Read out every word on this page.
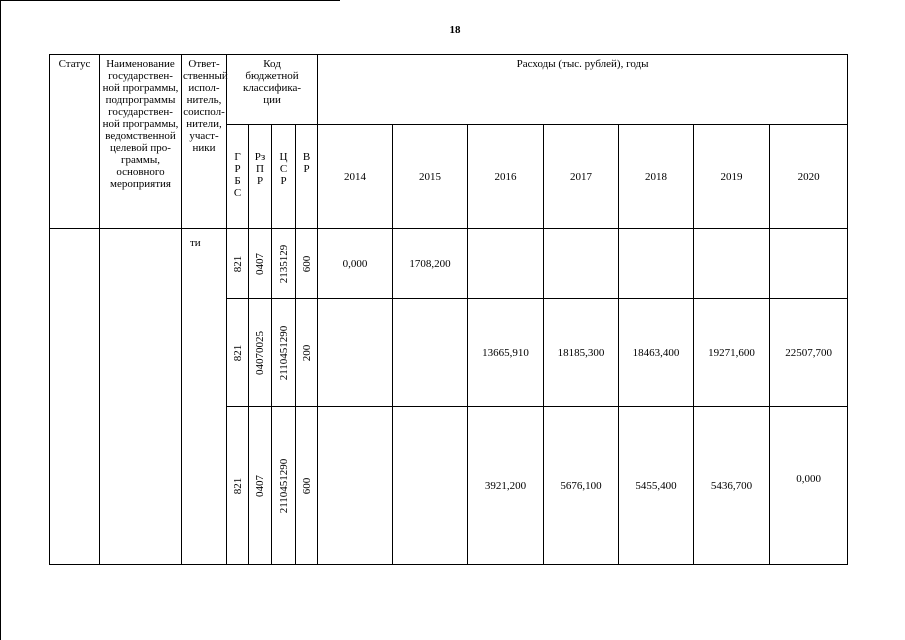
18
Статус	Наименование государствен-ной программы, подпрограммы государствен-ной программы, ведомственной целевой про-граммы, основного мероприятия	Ответ-ственный испол-нитель, соиспол-нители, участ-ники	Код бюджетной классифика-ции				Расходы (тыс. рублей), годы						

			ГРБС	Рз ПР	ЦСР	ВР	2014	2015	2016	2017	2018	2019	2020
		ти	821	0407	2135129	600	0,000	1708,200					

			821	04070025	2110451290	200			13665,910	18185,300	18463,400	19271,600	22507,700

			821	0407	2110451290	600			3921,200	5676,100	5455,400	5436,700	0,000
